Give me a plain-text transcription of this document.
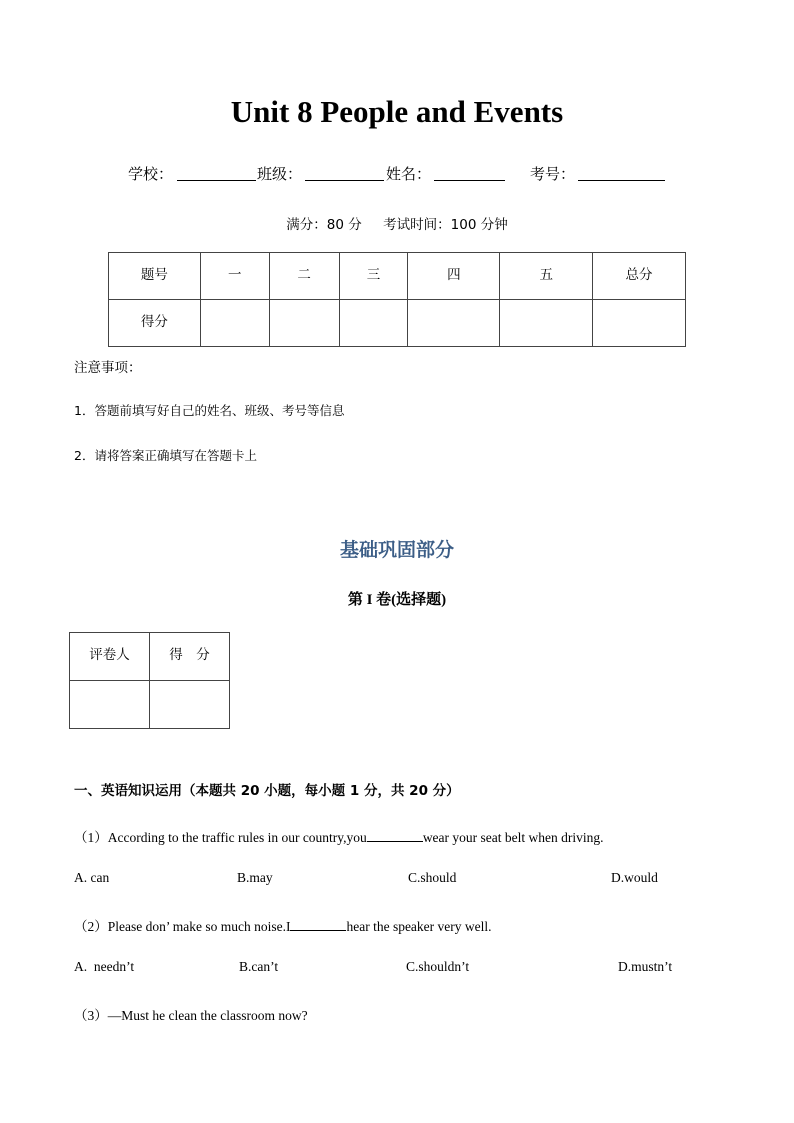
Unit 8 People and Events
学校：	班级：	姓名：	考号：
满分：80 分     考试时间：100 分钟
题号	一	二	三	四	五	总分
得分						
注意事项：
1．答题前填写好自己的姓名、班级、考号等信息
2．请将答案正确填写在答题卡上
基础巩固部分
第 I 卷(选择题)
评卷人	得　分

一、英语知识运用（本题共 20 小题，每小题 1 分，共 20 分）
（1）According to the traffic rules in our country,you	wear your seat belt when driving.
A. can	B.may	C.should	D.would
（2）Please don’ make so much noise.I	hear the speaker very well.
A.  needn’t	B.can’t	C.shouldn’t	D.mustn’t
（3）—Must he clean the classroom now?
